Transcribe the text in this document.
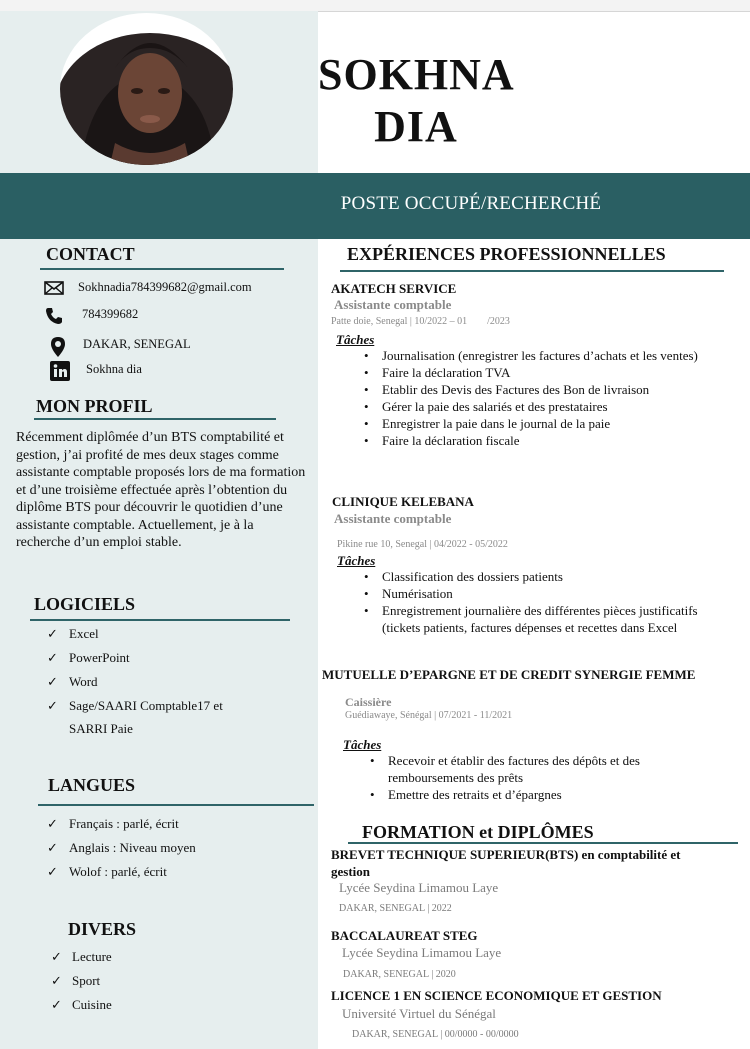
POSTE OCCUPÉ/RECHERCHÉ
SOKHNA
DIA
CONTACT
Sokhnadia784399682@gmail.com
784399682
DAKAR, SENEGAL
Sokhna dia
MON PROFIL
Récemment diplômée d’un BTS comptabilité et gestion, j’ai profité de mes deux stages comme assistante comptable proposés lors de ma formation et d’une troisième effectuée après l’obtention du diplôme BTS pour découvrir le quotidien d’une assistante comptable. Actuellement, je à la recherche d’un emploi stable.
LOGICIELS
✓ Excel
✓ PowerPoint
✓ Word
✓ Sage/SAARI Comptable17 et
SARRI Paie
LANGUES
✓ Français : parlé, écrit
✓ Anglais : Niveau moyen
✓ Wolof : parlé, écrit
DIVERS
✓ Lecture
✓ Sport
✓ Cuisine
EXPÉRIENCES PROFESSIONNELLES
AKATECH SERVICE
Assistante comptable
Patte doie, Senegal | 10/2022 – 01        /2023
Tâches
• Journalisation (enregistrer les factures d’achats et les ventes)
• Faire la déclaration TVA
• Etablir des Devis des Factures des Bon de livraison
• Gérer la paie des salariés et des prestataires
• Enregistrer la paie dans le journal de la paie
• Faire la déclaration fiscale
CLINIQUE KELEBANA
Assistante comptable
Pikine rue 10, Senegal | 04/2022 - 05/2022
Tâches
• Classification des dossiers patients
• Numérisation
• Enregistrement journalière des différentes pièces justificatifs
(tickets patients, factures dépenses et recettes dans Excel
MUTUELLE D’EPARGNE ET DE CREDIT SYNERGIE FEMME
Caissière
Guédiawaye, Sénégal | 07/2021 - 11/2021
Tâches
• Recevoir et établir des factures des dépôts et des
remboursements des prêts
• Emettre des retraits et d’épargnes
FORMATION et DIPLÔMES
BREVET TECHNIQUE SUPERIEUR(BTS) en comptabilité et
gestion
Lycée Seydina Limamou Laye
DAKAR, SENEGAL | 2022
BACCALAUREAT STEG
Lycée Seydina Limamou Laye
DAKAR, SENEGAL | 2020
LICENCE 1 EN SCIENCE ECONOMIQUE ET GESTION
Université Virtuel du Sénégal
DAKAR, SENEGAL | 00/0000 - 00/0000
